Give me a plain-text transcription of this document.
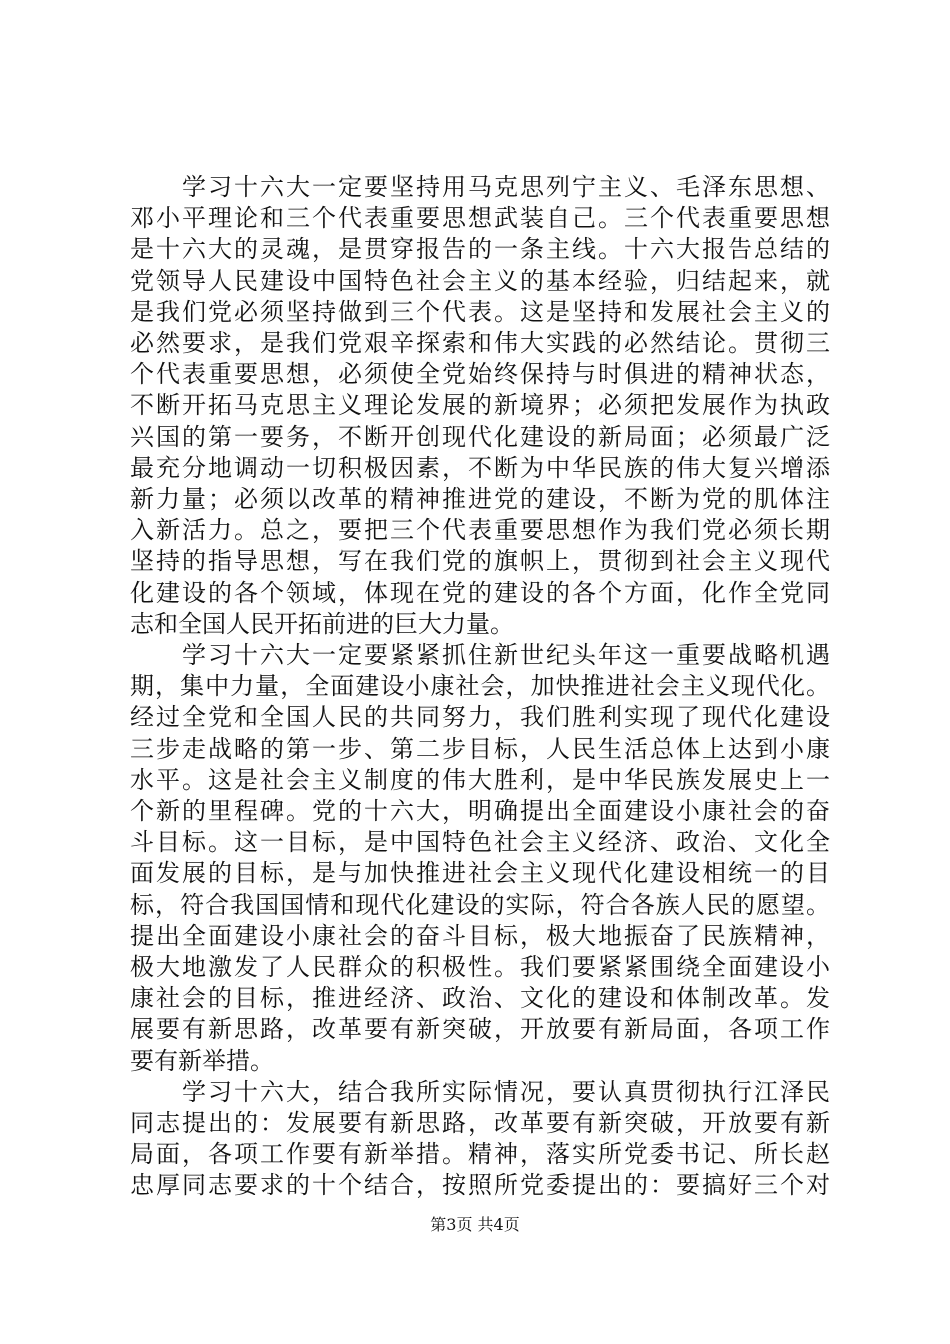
　　学习十六大一定要坚持用马克思列宁主义、毛泽东思想、
邓小平理论和三个代表重要思想武装自己。三个代表重要思想
是十六大的灵魂，是贯穿报告的一条主线。十六大报告总结的
党领导人民建设中国特色社会主义的基本经验，归结起来，就
是我们党必须坚持做到三个代表。这是坚持和发展社会主义的
必然要求，是我们党艰辛探索和伟大实践的必然结论。贯彻三
个代表重要思想，必须使全党始终保持与时俱进的精神状态，
不断开拓马克思主义理论发展的新境界；必须把发展作为执政
兴国的第一要务，不断开创现代化建设的新局面；必须最广泛
最充分地调动一切积极因素，不断为中华民族的伟大复兴增添
新力量；必须以改革的精神推进党的建设，不断为党的肌体注
入新活力。总之，要把三个代表重要思想作为我们党必须长期
坚持的指导思想，写在我们党的旗帜上，贯彻到社会主义现代
化建设的各个领域，体现在党的建设的各个方面，化作全党同
志和全国人民开拓前进的巨大力量。
　　学习十六大一定要紧紧抓住新世纪头年这一重要战略机遇
期，集中力量，全面建设小康社会，加快推进社会主义现代化。
经过全党和全国人民的共同努力，我们胜利实现了现代化建设
三步走战略的第一步、第二步目标，人民生活总体上达到小康
水平。这是社会主义制度的伟大胜利，是中华民族发展史上一
个新的里程碑。党的十六大，明确提出全面建设小康社会的奋
斗目标。这一目标，是中国特色社会主义经济、政治、文化全
面发展的目标，是与加快推进社会主义现代化建设相统一的目
标，符合我国国情和现代化建设的实际，符合各族人民的愿望。
提出全面建设小康社会的奋斗目标，极大地振奋了民族精神，
极大地激发了人民群众的积极性。我们要紧紧围绕全面建设小
康社会的目标，推进经济、政治、文化的建设和体制改革。发
展要有新思路，改革要有新突破，开放要有新局面，各项工作
要有新举措。
　　学习十六大，结合我所实际情况，要认真贯彻执行江泽民
同志提出的：发展要有新思路，改革要有新突破，开放要有新
局面，各项工作要有新举措。精神，落实所党委书记、所长赵
忠厚同志要求的十个结合，按照所党委提出的：要搞好三个对
第3页 共4页
